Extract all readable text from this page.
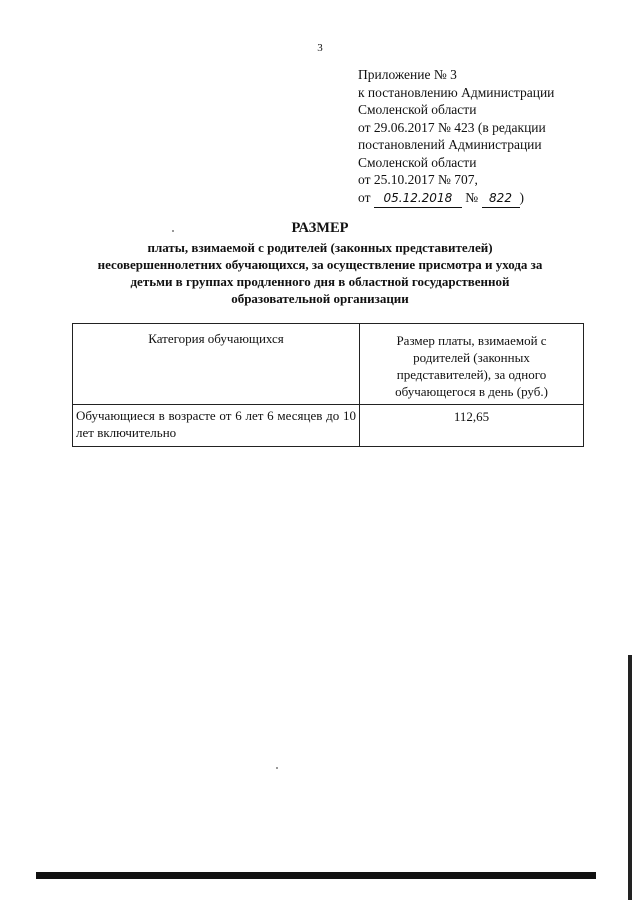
3
Приложение № 3
к постановлению Администрации
Смоленской области
от 29.06.2017 № 423 (в редакции
постановлений Администрации
Смоленской области
от 25.10.2017 № 707,
от 05.12.2018 № 822 )
РАЗМЕР
платы, взимаемой с родителей (законных представителей)
несовершеннолетних обучающихся, за осуществление присмотра и ухода за
детьми в группах продленного дня в областной государственной
образовательной организации
Категория обучающихся	Размер платы, взимаемой с родителей (законных представителей), за одного обучающегося в день (руб.)
Обучающиеся в возрасте от 6 лет 6 месяцев до 10 лет включительно	112,65
